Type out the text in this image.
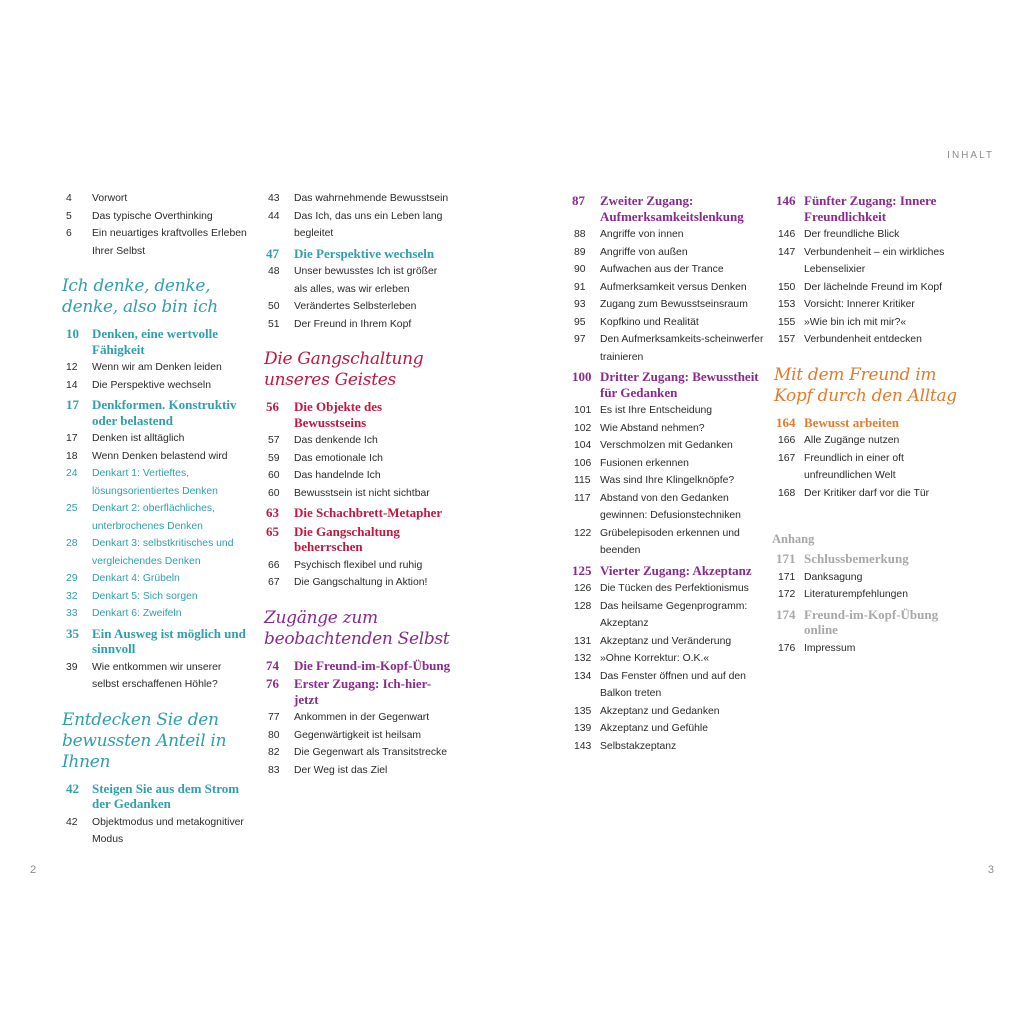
INHALT
4	Vorwort
5	Das typische Overthinking
6	Ein neuartiges kraftvolles Erleben Ihrer Selbst
Ich denke, denke, denke, also bin ich
10	Denken, eine wertvolle Fähigkeit
12	Wenn wir am Denken leiden
14	Die Perspektive wechseln
17	Denkformen. Konstruktiv oder belastend
17	Denken ist alltäglich
18	Wenn Denken belastend wird
24	Denkart 1: Vertieftes, lösungsorientiertes Denken
25	Denkart 2: oberflächliches, unterbrochenes Denken
28	Denkart 3: selbstkritisches und vergleichendes Denken
29	Denkart 4: Grübeln
32	Denkart 5: Sich sorgen
33	Denkart 6: Zweifeln
35	Ein Ausweg ist möglich und sinnvoll
39	Wie entkommen wir unserer selbst erschaffenen Höhle?
Entdecken Sie den bewussten Anteil in Ihnen
42	Steigen Sie aus dem Strom der Gedanken
42	Objektmodus und metakognitiver Modus
43	Das wahrnehmende Bewusstsein
44	Das Ich, das uns ein Leben lang begleitet
47	Die Perspektive wechseln
48	Unser bewusstes Ich ist größer als alles, was wir erleben
50	Verändertes Selbsterleben
51	Der Freund in Ihrem Kopf
Die Gangschaltung unseres Geistes
56	Die Objekte des Bewusstseins
57	Das denkende Ich
59	Das emotionale Ich
60	Das handelnde Ich
60	Bewusstsein ist nicht sichtbar
63	Die Schachbrett-Metapher
65	Die Gangschaltung beherrschen
66	Psychisch flexibel und ruhig
67	Die Gangschaltung in Aktion!
Zugänge zum beobachtenden Selbst
74	Die Freund-im-Kopf-Übung
76	Erster Zugang: Ich-hier-jetzt
77	Ankommen in der Gegenwart
80	Gegenwärtigkeit ist heilsam
82	Die Gegenwart als Transitstrecke
83	Der Weg ist das Ziel
87	Zweiter Zugang: Aufmerksamkeitslenkung
88	Angriffe von innen
89	Angriffe von außen
90	Aufwachen aus der Trance
91	Aufmerksamkeit versus Denken
93	Zugang zum Bewusstseinsraum
95	Kopfkino und Realität
97	Den Aufmerksamkeits-scheinwerfer trainieren
100 Dritter Zugang: Bewusstheit für Gedanken
101 Es ist Ihre Entscheidung
102 Wie Abstand nehmen?
104 Verschmolzen mit Gedanken
106 Fusionen erkennen
115 Was sind Ihre Klingelknöpfe?
117 Abstand von den Gedanken gewinnen: Defusionstechniken
122 Grübelepisoden erkennen und beenden
125 Vierter Zugang: Akzeptanz
126 Die Tücken des Perfektionismus
128 Das heilsame Gegenprogramm: Akzeptanz
131 Akzeptanz und Veränderung
132 »Ohne Korrektur: O.K.«
134 Das Fenster öffnen und auf den Balkon treten
135 Akzeptanz und Gedanken
139 Akzeptanz und Gefühle
143 Selbstakzeptanz
146 Fünfter Zugang: Innere Freundlichkeit
146 Der freundliche Blick
147 Verbundenheit – ein wirkliches Lebenselixier
150 Der lächelnde Freund im Kopf
153 Vorsicht: Innerer Kritiker
155 »Wie bin ich mit mir?«
157 Verbundenheit entdecken
Mit dem Freund im Kopf durch den Alltag
164 Bewusst arbeiten
166 Alle Zugänge nutzen
167 Freundlich in einer oft unfreundlichen Welt
168 Der Kritiker darf vor die Tür
Anhang
171 Schlussbemerkung
171 Danksagung
172 Literaturempfehlungen
174 Freund-im-Kopf-Übung online
176 Impressum
2	3
